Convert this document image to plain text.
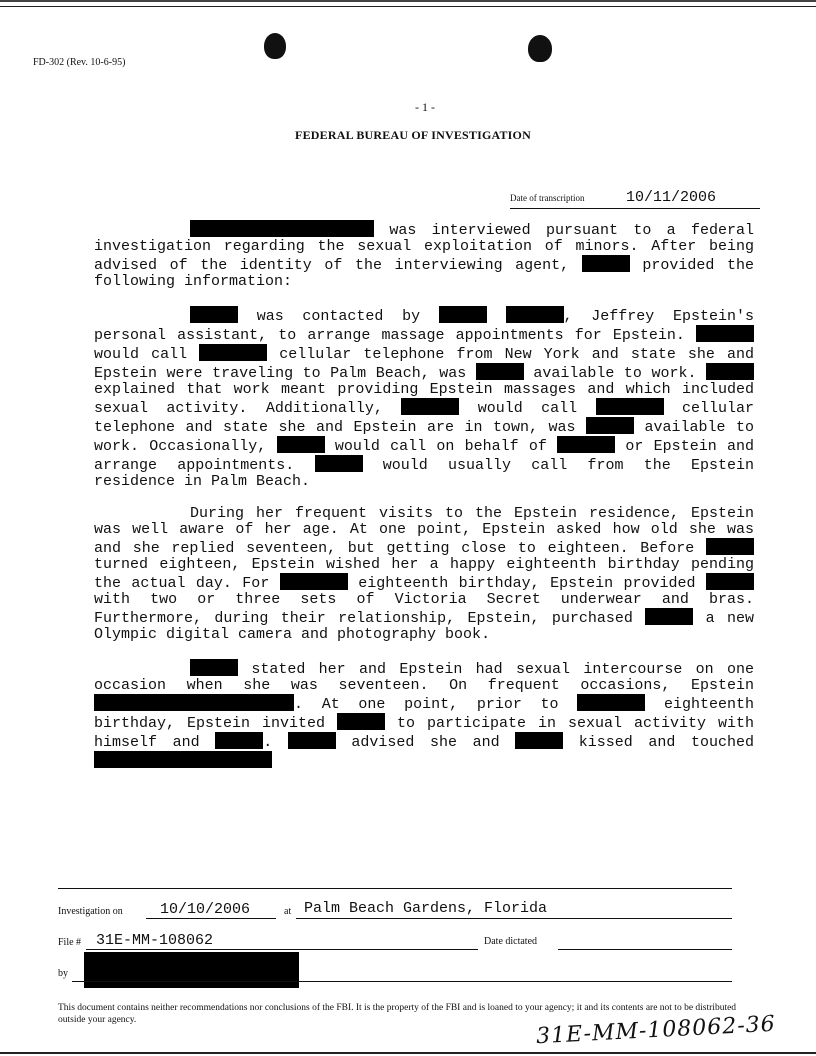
FD-302 (Rev. 10-6-95)
- 1 -
FEDERAL BUREAU OF INVESTIGATION
Date of transcription	10/11/2006

was interviewed pursuant to a federal investigation regarding the sexual exploitation of minors. After being advised of the identity of the interviewing agent,	provided the following information:

was contacted by	, Jeffrey Epstein's personal assistant, to arrange massage appointments for Epstein.  would call	cellular telephone from New York and state she and Epstein were traveling to Palm Beach, was	available to work.  explained that work meant providing Epstein massages and which included sexual activity. Additionally,	would call	cellular telephone and state she and Epstein are in town, was	available to work. Occasionally,	would call on behalf of	or Epstein and arrange appointments.	would usually call from the Epstein residence in Palm Beach.

During her frequent visits to the Epstein residence, Epstein was well aware of her age. At one point, Epstein asked how old she was and she replied seventeen, but getting close to eighteen. Before  turned eighteen, Epstein wished her a happy eighteenth birthday pending the actual day. For	eighteenth birthday, Epstein provided  with two or three sets of Victoria Secret underwear and bras. Furthermore, during their relationship, Epstein, purchased	a new Olympic digital camera and photography book.

stated her and Epstein had sexual intercourse on one occasion when she was seventeen. On frequent occasions, Epstein . At one point, prior to	eighteenth birthday, Epstein invited	to participate in sexual activity with himself and	.	advised she and	kissed and touched

Investigation on 10/10/2006	at Palm Beach Gardens, Florida
File # 31E-MM-108062	Date dictated
by
This document contains neither recommendations nor conclusions of the FBI. It is the property of the FBI and is loaned to your agency; it and its contents are not to be distributed outside your agency.	31E-MM-108062-36
